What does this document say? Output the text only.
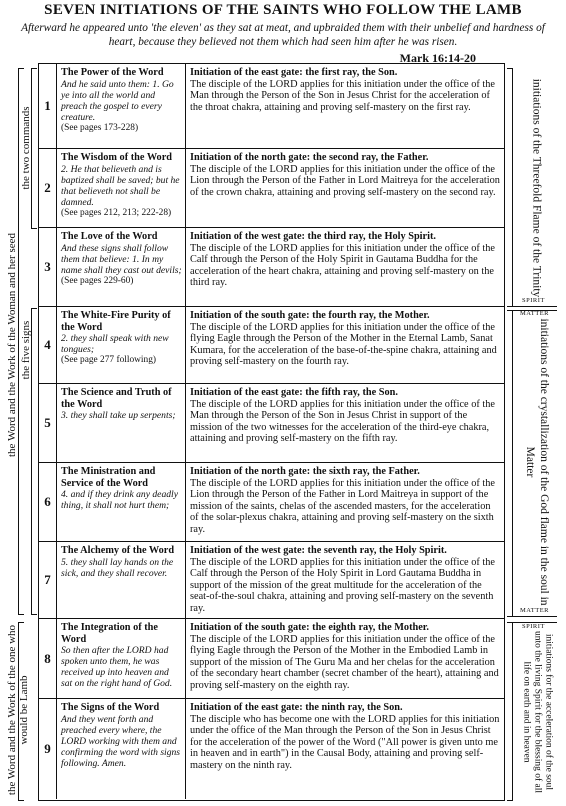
SEVEN INITIATIONS OF THE SAINTS WHO FOLLOW THE LAMB
Afterward he appeared unto 'the eleven' as they sat at meat, and upbraided them with their unbelief and hardness of heart, because they believed not them which had seen him after he was risen.
Mark 16:14-20
the two commands
the five signs
the Word and the Work of the Woman and her seed
the Word and the Work of the one who would be Lamb
1
The Power of the Word
And he said unto them: 1. Go ye into all the world and preach the gospel to every creature.
(See pages 173-228)
Initiation of the east gate: the first ray, the Son.
The disciple of the LORD applies for this initiation under the office of the Man through the Person of the Son in Jesus Christ for the acceleration of the throat chakra, attaining and proving self-mastery on the first ray.
2
The Wisdom of the Word
2. He that believeth and is baptized shall be saved; but he that believeth not shall be damned.
(See pages 212, 213; 222-28)
Initiation of the north gate: the second ray, the Father.
The disciple of the LORD applies for this initiation under the office of the Lion through the Person of the Father in Lord Maitreya for the acceleration of the crown chakra, attaining and proving self-mastery on the second ray.
3
The Love of the Word
And these signs shall follow them that believe: 1. In my name shall they cast out devils;
(See pages 229-60)
Initiation of the west gate: the third ray, the Holy Spirit.
The disciple of the LORD applies for this initiation under the office of the Calf through the Person of the Holy Spirit in Gautama Buddha for the acceleration of the heart chakra, attaining and proving self-mastery on the third ray.
4
The White-Fire Purity of the Word
2. they shall speak with new tongues;
(See page 277 following)
Initiation of the south gate: the fourth ray, the Mother.
The disciple of the LORD applies for this initiation under the office of the flying Eagle through the Person of the Mother in the Eternal Lamb, Sanat Kumara, for the acceleration of the base-of-the-spine chakra, attaining and proving self-mastery on the fourth ray.
5
The Science and Truth of the Word
3. they shall take up serpents;
Initiation of the east gate: the fifth ray, the Son.
The disciple of the LORD applies for this initiation under the office of the Man through the Person of the Son in Jesus Christ in support of the mission of the two witnesses for the acceleration of the third-eye chakra, attaining and proving self-mastery on the fifth ray.
6
The Ministration and Service of the Word
4. and if they drink any deadly thing, it shall not hurt them;
Initiation of the north gate: the sixth ray, the Father.
The disciple of the LORD applies for this initiation under the office of the Lion through the Person of the Father in Lord Maitreya in support of the mission of the saints, chelas of the ascended masters, for the acceleration of the solar-plexus chakra, attaining and proving self-mastery on the sixth ray.
7
The Alchemy of the Word
5. they shall lay hands on the sick, and they shall recover.
Initiation of the west gate: the seventh ray, the Holy Spirit.
The disciple of the LORD applies for this initiation under the office of the Calf through the Person of the Holy Spirit in Lord Gautama Buddha in support of the mission of the great multitude for the acceleration of the seat-of-the-soul chakra, attaining and proving self-mastery on the seventh ray.
8
The Integration of the Word
So then after the LORD had spoken unto them, he was received up into heaven and sat on the right hand of God.
Initiation of the south gate: the eighth ray, the Mother.
The disciple of the LORD applies for this initiation under the office of the flying Eagle through the Person of the Mother in the Embodied Lamb in support of the mission of The Guru Ma and her chelas for the acceleration of the secondary heart chamber (secret chamber of the heart), attaining and proving self-mastery on the eighth ray.
9
The Signs of the Word
And they went forth and preached every where, the LORD working with them and confirming the word with signs following. Amen.
Initiation of the east gate: the ninth ray, the Son.
The disciple who has become one with the LORD applies for this initiation under the office of the Man through the Person of the Son in Jesus Christ for the acceleration of the power of the Word ("All power is given unto me in heaven and in earth") in the Causal Body, attaining and proving self-mastery on the ninth ray.
SPIRIT
MATTER
MATTER
SPIRIT
initiations of the Threefold Flame of the Trinity
initiations of the crystallization of the God flame in the soul in Matter
initiations for the acceleration of the soul unto the living Spirit for the blessing of all life on earth and in heaven
